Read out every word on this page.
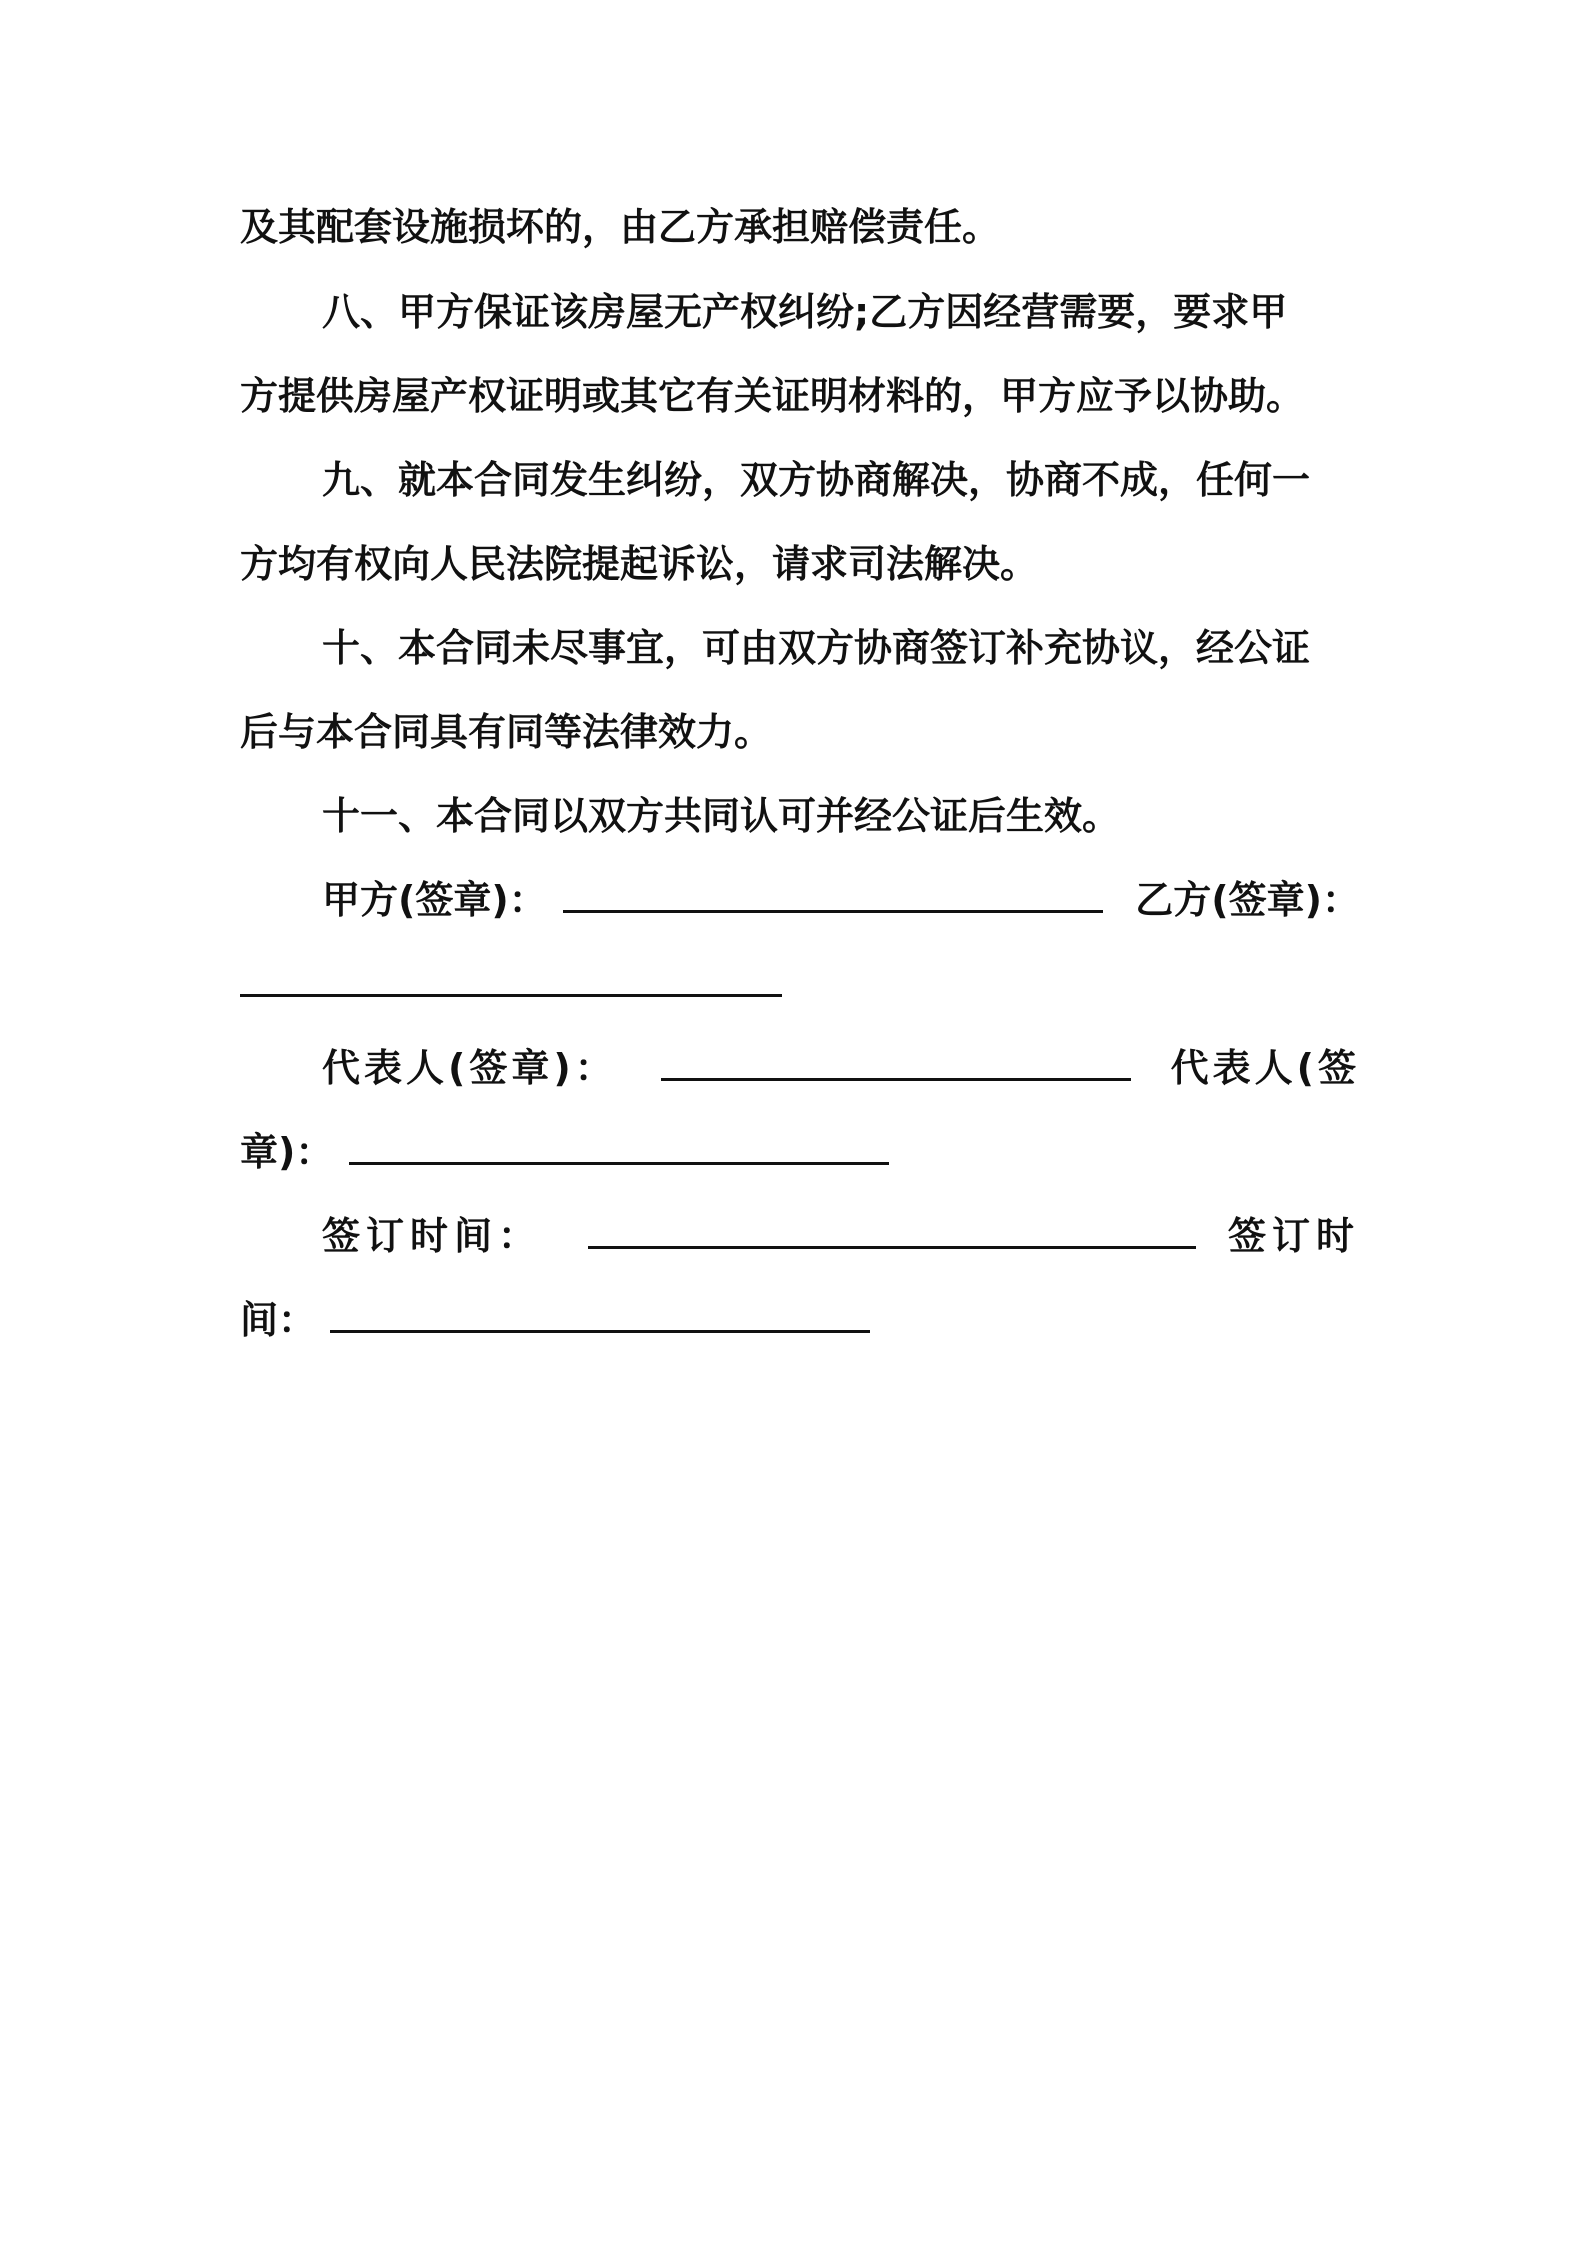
及其配套设施损坏的，由乙方承担赔偿责任。
八、甲方保证该房屋无产权纠纷;乙方因经营需要，要求甲
方提供房屋产权证明或其它有关证明材料的，甲方应予以协助。
九、就本合同发生纠纷，双方协商解决，协商不成，任何一
方均有权向人民法院提起诉讼，请求司法解决。
十、本合同未尽事宜，可由双方协商签订补充协议，经公证
后与本合同具有同等法律效力。
十一、本合同以双方共同认可并经公证后生效。
甲方(签章)：	乙方(签章)：
代表人(签章)：	代表人(签
章)：
签订时间：	签订时
间：
